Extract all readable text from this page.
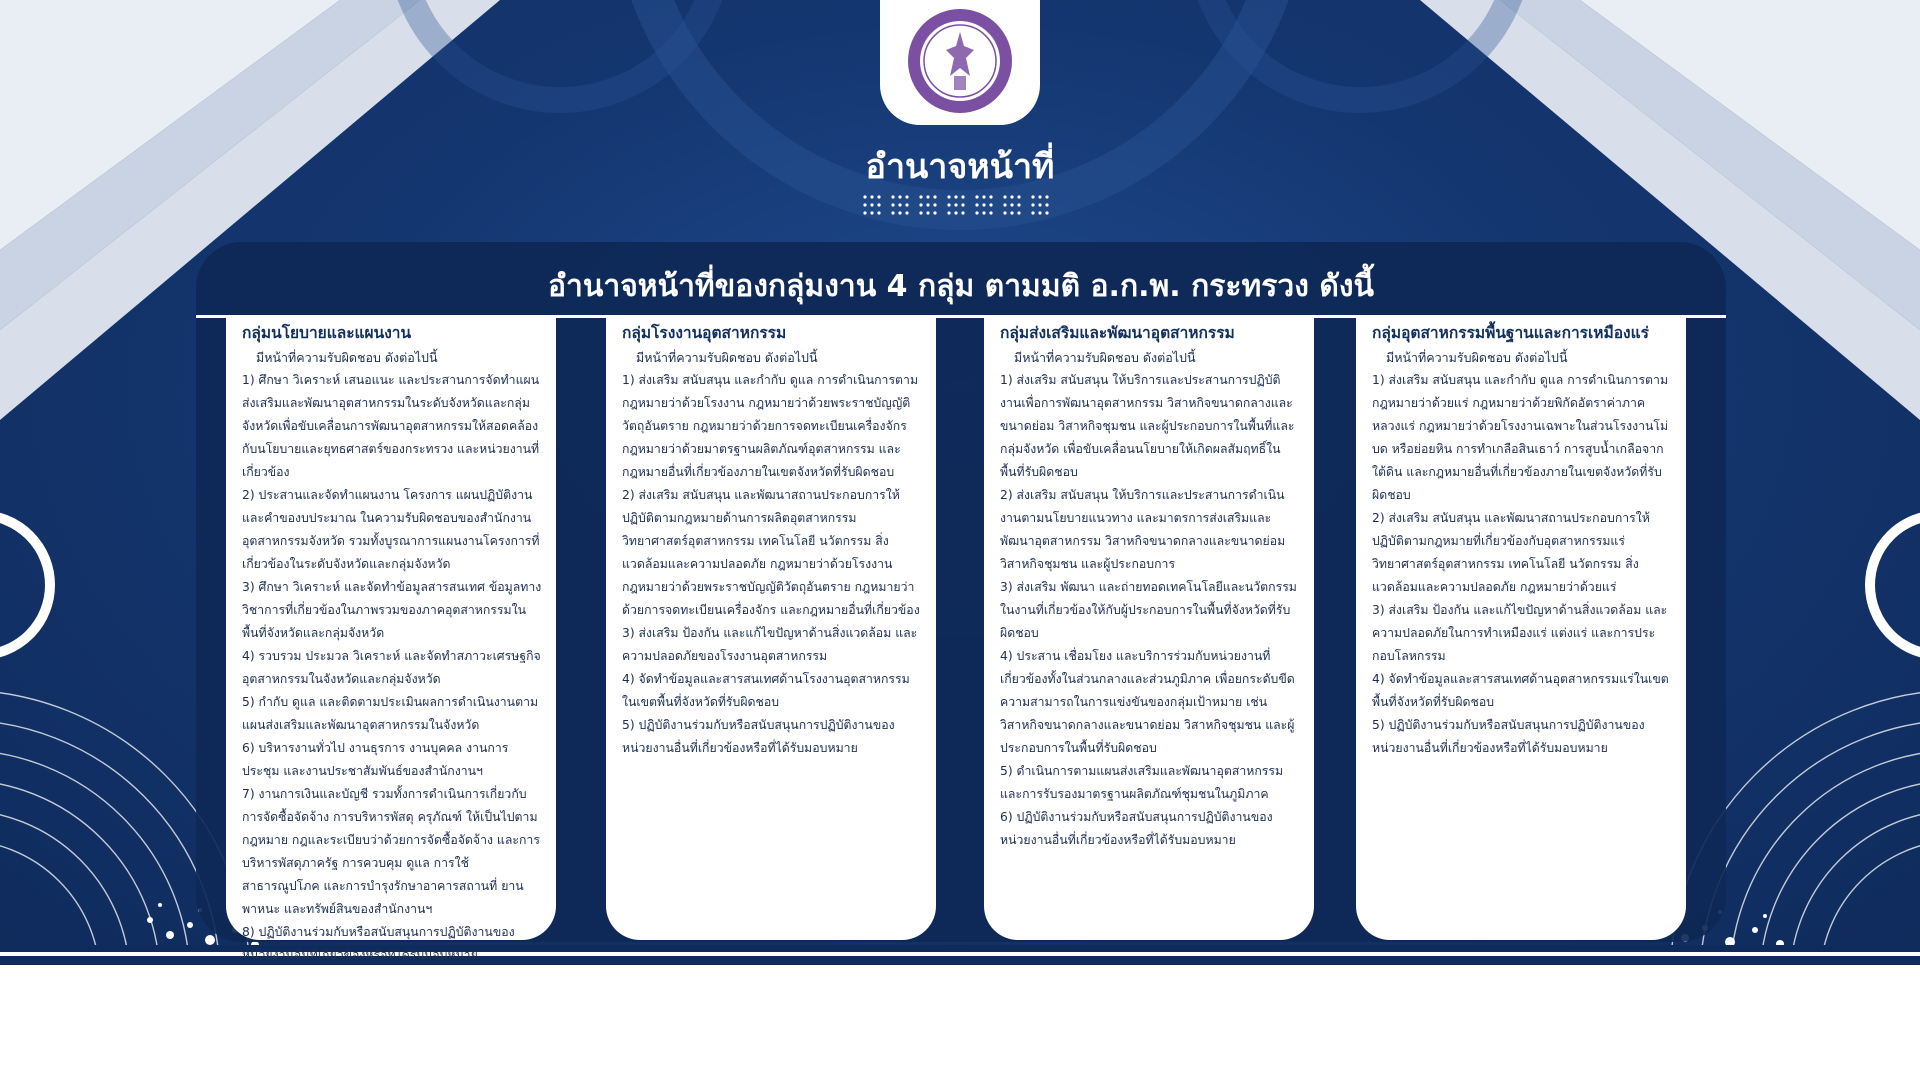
อำนาจหน้าที่
อำนาจหน้าที่ของกลุ่มงาน 4 กลุ่ม ตามมติ อ.ก.พ. กระทรวง ดังนี้
กลุ่มนโยบายและแผนงาน
มีหน้าที่ความรับผิดชอบ ดังต่อไปนี้
1) ศึกษา วิเคราะห์ เสนอแนะ และประสานการจัดทำแผนส่งเสริมและพัฒนาอุตสาหกรรมในระดับจังหวัดและกลุ่มจังหวัดเพื่อขับเคลื่อนการพัฒนาอุตสาหกรรมให้สอดคล้องกับนโยบายและยุทธศาสตร์ของกระทรวง และหน่วยงานที่เกี่ยวข้อง
2) ประสานและจัดทำแผนงาน โครงการ แผนปฏิบัติงาน และคำของบประมาณ ในความรับผิดชอบของสำนักงานอุตสาหกรรมจังหวัด รวมทั้งบูรณาการแผนงานโครงการที่เกี่ยวข้องในระดับจังหวัดและกลุ่มจังหวัด
3) ศึกษา วิเคราะห์ และจัดทำข้อมูลสารสนเทศ ข้อมูลทางวิชาการที่เกี่ยวข้องในภาพรวมของภาคอุตสาหกรรมในพื้นที่จังหวัดและกลุ่มจังหวัด
4) รวบรวม ประมวล วิเคราะห์ และจัดทำสภาวะเศรษฐกิจอุตสาหกรรมในจังหวัดและกลุ่มจังหวัด
5) กำกับ ดูแล และติดตามประเมินผลการดำเนินงานตามแผนส่งเสริมและพัฒนาอุตสาหกรรมในจังหวัด
6) บริหารงานทั่วไป งานธุรการ งานบุคคล งานการประชุม และงานประชาสัมพันธ์ของสำนักงานฯ
7) งานการเงินและบัญชี รวมทั้งการดำเนินการเกี่ยวกับการจัดซื้อจัดจ้าง การบริหารพัสดุ ครุภัณฑ์ ให้เป็นไปตามกฎหมาย กฎและระเบียบว่าด้วยการจัดซื้อจัดจ้าง และการบริหารพัสดุภาครัฐ การควบคุม ดูแล การใช้สาธารณูปโภค และการบำรุงรักษาอาคารสถานที่ ยานพาหนะ และทรัพย์สินของสำนักงานฯ
8) ปฏิบัติงานร่วมกับหรือสนับสนุนการปฏิบัติงานของหน่วยงานอื่นที่เกี่ยวข้องหรือที่ได้รับมอบหมาย
กลุ่มโรงงานอุตสาหกรรม
มีหน้าที่ความรับผิดชอบ ดังต่อไปนี้
1) ส่งเสริม สนับสนุน และกำกับ ดูแล การดำเนินการตามกฎหมายว่าด้วยโรงงาน กฎหมายว่าด้วยพระราชบัญญัติวัตถุอันตราย กฎหมายว่าด้วยการจดทะเบียนเครื่องจักร กฎหมายว่าด้วยมาตรฐานผลิตภัณฑ์อุตสาหกรรม และกฎหมายอื่นที่เกี่ยวข้องภายในเขตจังหวัดที่รับผิดชอบ
2) ส่งเสริม สนับสนุน และพัฒนาสถานประกอบการให้ปฏิบัติตามกฎหมายด้านการผลิตอุตสาหกรรม วิทยาศาสตร์อุตสาหกรรม เทคโนโลยี นวัตกรรม สิ่งแวดล้อมและความปลอดภัย กฎหมายว่าด้วยโรงงาน กฎหมายว่าด้วยพระราชบัญญัติวัตถุอันตราย กฎหมายว่าด้วยการจดทะเบียนเครื่องจักร และกฎหมายอื่นที่เกี่ยวข้อง
3) ส่งเสริม ป้องกัน และแก้ไขปัญหาด้านสิ่งแวดล้อม และความปลอดภัยของโรงงานอุตสาหกรรม
4) จัดทำข้อมูลและสารสนเทศด้านโรงงานอุตสาหกรรมในเขตพื้นที่จังหวัดที่รับผิดชอบ
5) ปฏิบัติงานร่วมกับหรือสนับสนุนการปฏิบัติงานของหน่วยงานอื่นที่เกี่ยวข้องหรือที่ได้รับมอบหมาย
กลุ่มส่งเสริมและพัฒนาอุตสาหกรรม
มีหน้าที่ความรับผิดชอบ ดังต่อไปนี้
1) ส่งเสริม สนับสนุน ให้บริการและประสานการปฏิบัติงานเพื่อการพัฒนาอุตสาหกรรม วิสาหกิจขนาดกลางและขนาดย่อม วิสาหกิจชุมชน และผู้ประกอบการในพื้นที่และกลุ่มจังหวัด เพื่อขับเคลื่อนนโยบายให้เกิดผลสัมฤทธิ์ในพื้นที่รับผิดชอบ
2) ส่งเสริม สนับสนุน ให้บริการและประสานการดำเนินงานตามนโยบายแนวทาง และมาตรการส่งเสริมและพัฒนาอุตสาหกรรม วิสาหกิจขนาดกลางและขนาดย่อม วิสาหกิจชุมชน และผู้ประกอบการ
3) ส่งเสริม พัฒนา และถ่ายทอดเทคโนโลยีและนวัตกรรม ในงานที่เกี่ยวข้องให้กับผู้ประกอบการในพื้นที่จังหวัดที่รับผิดชอบ
4) ประสาน เชื่อมโยง และบริการร่วมกับหน่วยงานที่เกี่ยวข้องทั้งในส่วนกลางและส่วนภูมิภาค เพื่อยกระดับขีดความสามารถในการแข่งขันของกลุ่มเป้าหมาย เช่น วิสาหกิจขนาดกลางและขนาดย่อม วิสาหกิจชุมชน และผู้ประกอบการในพื้นที่รับผิดชอบ
5) ดำเนินการตามแผนส่งเสริมและพัฒนาอุตสาหกรรม และการรับรองมาตรฐานผลิตภัณฑ์ชุมชนในภูมิภาค
6) ปฏิบัติงานร่วมกับหรือสนับสนุนการปฏิบัติงานของหน่วยงานอื่นที่เกี่ยวข้องหรือที่ได้รับมอบหมาย
กลุ่มอุตสาหกรรมพื้นฐานและการเหมืองแร่
มีหน้าที่ความรับผิดชอบ ดังต่อไปนี้
1) ส่งเสริม สนับสนุน และกำกับ ดูแล การดำเนินการตามกฎหมายว่าด้วยแร่ กฎหมายว่าด้วยพิกัดอัตราค่าภาคหลวงแร่ กฎหมายว่าด้วยโรงงานเฉพาะในส่วนโรงงานโม่ บด หรือย่อยหิน การทำเกลือสินเธาว์ การสูบน้ำเกลือจากใต้ดิน และกฎหมายอื่นที่เกี่ยวข้องภายในเขตจังหวัดที่รับผิดชอบ
2) ส่งเสริม สนับสนุน และพัฒนาสถานประกอบการให้ปฏิบัติตามกฎหมายที่เกี่ยวข้องกับอุตสาหกรรมแร่ วิทยาศาสตร์อุตสาหกรรม เทคโนโลยี นวัตกรรม สิ่งแวดล้อมและความปลอดภัย กฎหมายว่าด้วยแร่
3) ส่งเสริม ป้องกัน และแก้ไขปัญหาด้านสิ่งแวดล้อม และความปลอดภัยในการทำเหมืองแร่ แต่งแร่ และการประกอบโลหกรรม
4) จัดทำข้อมูลและสารสนเทศด้านอุตสาหกรรมแร่ในเขตพื้นที่จังหวัดที่รับผิดชอบ
5) ปฏิบัติงานร่วมกับหรือสนับสนุนการปฏิบัติงานของหน่วยงานอื่นที่เกี่ยวข้องหรือที่ได้รับมอบหมาย
